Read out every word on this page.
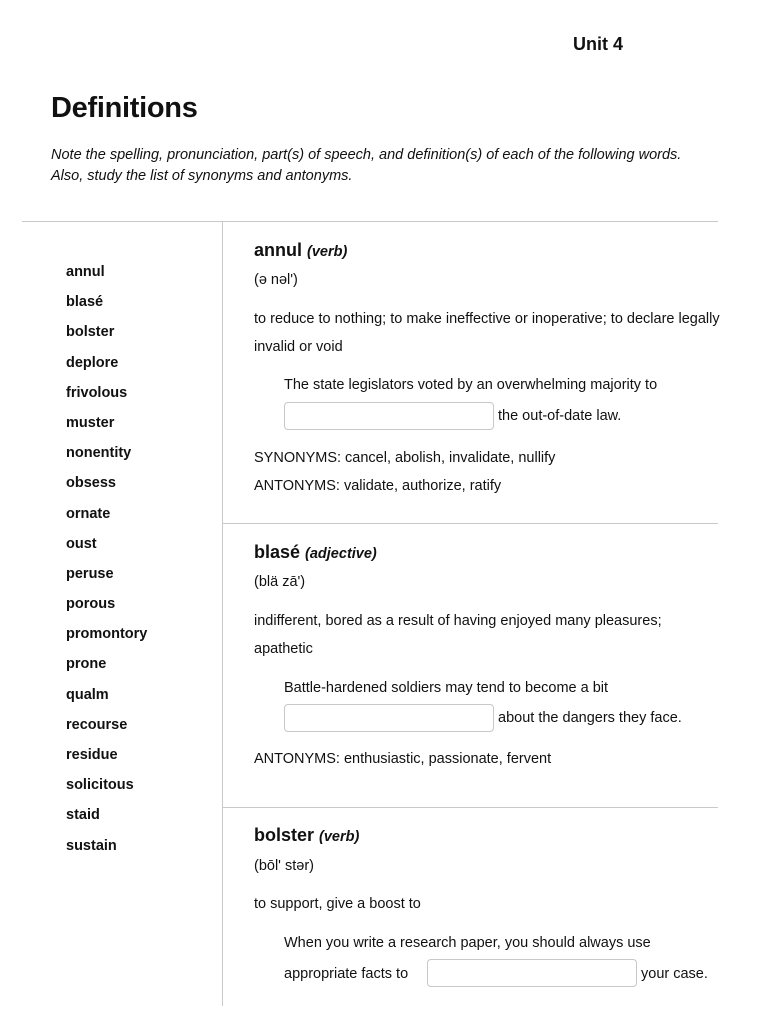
Unit 4
Definitions

Note the spelling, pronunciation, part(s) of speech, and definition(s) of each of the following words. Also, study the list of synonyms and antonyms.

annul
blasé
bolster
deplore
frivolous
muster
nonentity
obsess
ornate
oust
peruse
porous
promontory
prone
qualm
recourse
residue
solicitous
staid
sustain
annul (verb)
(ə nəl')

to reduce to nothing; to make ineffective or inoperative; to declare legally invalid or void

The state legislators voted by an overwhelming majority to
the out-of-date law.
SYNONYMS: cancel, abolish, invalidate, nullify
ANTONYMS: validate, authorize, ratify
blasé (adjective)
(blä zā')

indifferent, bored as a result of having enjoyed many pleasures; apathetic

Battle-hardened soldiers may tend to become a bit
about the dangers they face.
ANTONYMS: enthusiastic, passionate, fervent
bolster (verb)
(bōl' stər)

to support, give a boost to

When you write a research paper, you should always use
appropriate facts to	your case.
